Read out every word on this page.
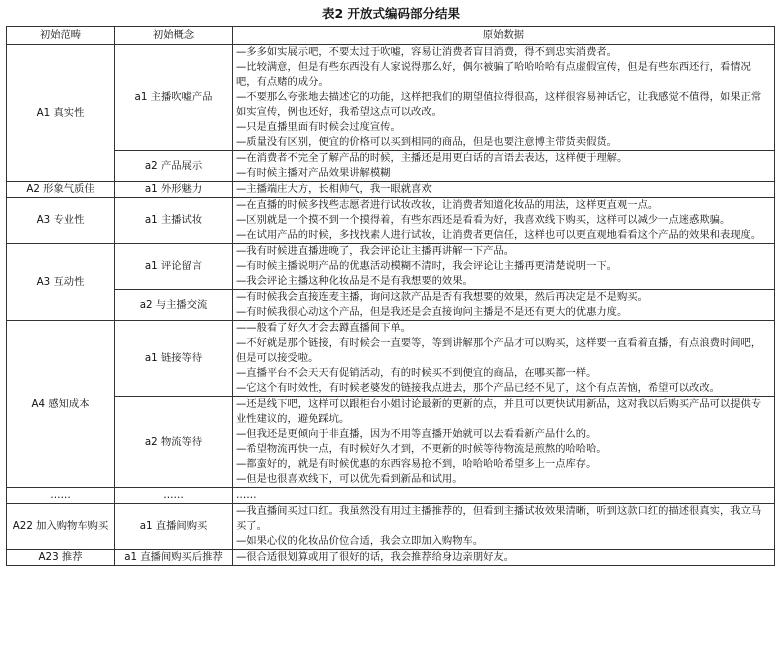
表2 开放式编码部分结果
初始范畴	初始概念	原始数据
A1 真实性	a1 主播吹嘘产品	—多多如实展示吧，不要太过于吹嘘，容易让消费者盲目消费，得不到忠实消费者。
—比较满意，但是有些东西没有人家说得那么好，偶尔被骗了哈哈哈哈有点虚假宣传，但是有些东西还行，看情况吧，有点赌的成分。
—不要那么夸张地去描述它的功能，这样把我们的期望值拉得很高，这样很容易神话它，让我感觉不值得，如果正常如实宣传，例也还好，我希望这点可以改改。
—只是直播里面有时候会过度宣传。
—质量没有区别，便宜的价格可以买到相同的商品，但是也要注意博主带货卖假货。

	a2 产品展示	—在消费者不完全了解产品的时候，主播还是用更白话的言语去表达，这样便于理解。
—有时候主播对产品效果讲解模糊

A2 形象气质佳	a1 外形魅力	—主播端庄大方，长相帅气，我一眼就喜欢

A3 专业性	a1 主播试妆	—在直播的时候多找些志愿者进行试妆改妆，让消费者知道化妆品的用法，这样更直观一点。
—区别就是一个摸不到一个摸得着，有些东西还是看看为好，我喜欢线下购买，这样可以减少一点迷惑欺骗。
—在试用产品的时候，多找找素人进行试妆，让消费者更信任，这样也可以更直观地看看这个产品的效果和表现度。

A3 互动性	a1 评论留言	—我有时候进直播进晚了，我会评论让主播再讲解一下产品。
—有时候主播说明产品的优惠活动模糊不清时，我会评论让主播再更清楚说明一下。
—我会评论主播这种化妆品是不是有我想要的效果。

	a2 与主播交流	—有时候我会直接连麦主播，询问这款产品是否有我想要的效果，然后再决定是不是购买。
—有时候我很心动这个产品，但是我还是会直接询问主播是不是还有更大的优惠力度。

A4 感知成本	a1 链接等待	——般看了好久才会去蹲直播间下单。
—不好就是那个链接，有时候会一直要等，等到讲解那个产品才可以购买，这样要一直看着直播，有点浪费时间吧，但是可以接受啦。
—直播平台不会天天有促销活动，有的时候买不到便宜的商品，在哪买都一样。
—它这个有时效性，有时候老婆发的链接我点进去，那个产品已经不见了，这个有点苦恼，希望可以改改。

	a2 物流等待	—还是线下吧，这样可以跟柜台小姐讨论最新的更新的点，并且可以更快试用新品，这对我以后购买产品可以提供专业性建议的，避免踩坑。
—但我还是更倾向于非直播，因为不用等直播开始就可以去看看新产品什么的。
—希望物流再快一点，有时候好久才到，不更新的时候等待物流是煎熬的哈哈哈。
—都蛮好的，就是有时候优惠的东西容易抢不到，哈哈哈哈希望多上一点库存。
—但是也很喜欢线下，可以优先看到新品和试用。

……	……	……

A22 加入购物车购买	a1 直播间购买	—我直播间买过口红。我虽然没有用过主播推荐的，但看到主播试妆效果清晰，听到这款口红的描述很真实，我立马买了。
—如果心仪的化妆品价位合适，我会立即加入购物车。

A23 推荐	a1 直播间购买后推荐	—很合适很划算或用了很好的话，我会推荐给身边亲朋好友。
